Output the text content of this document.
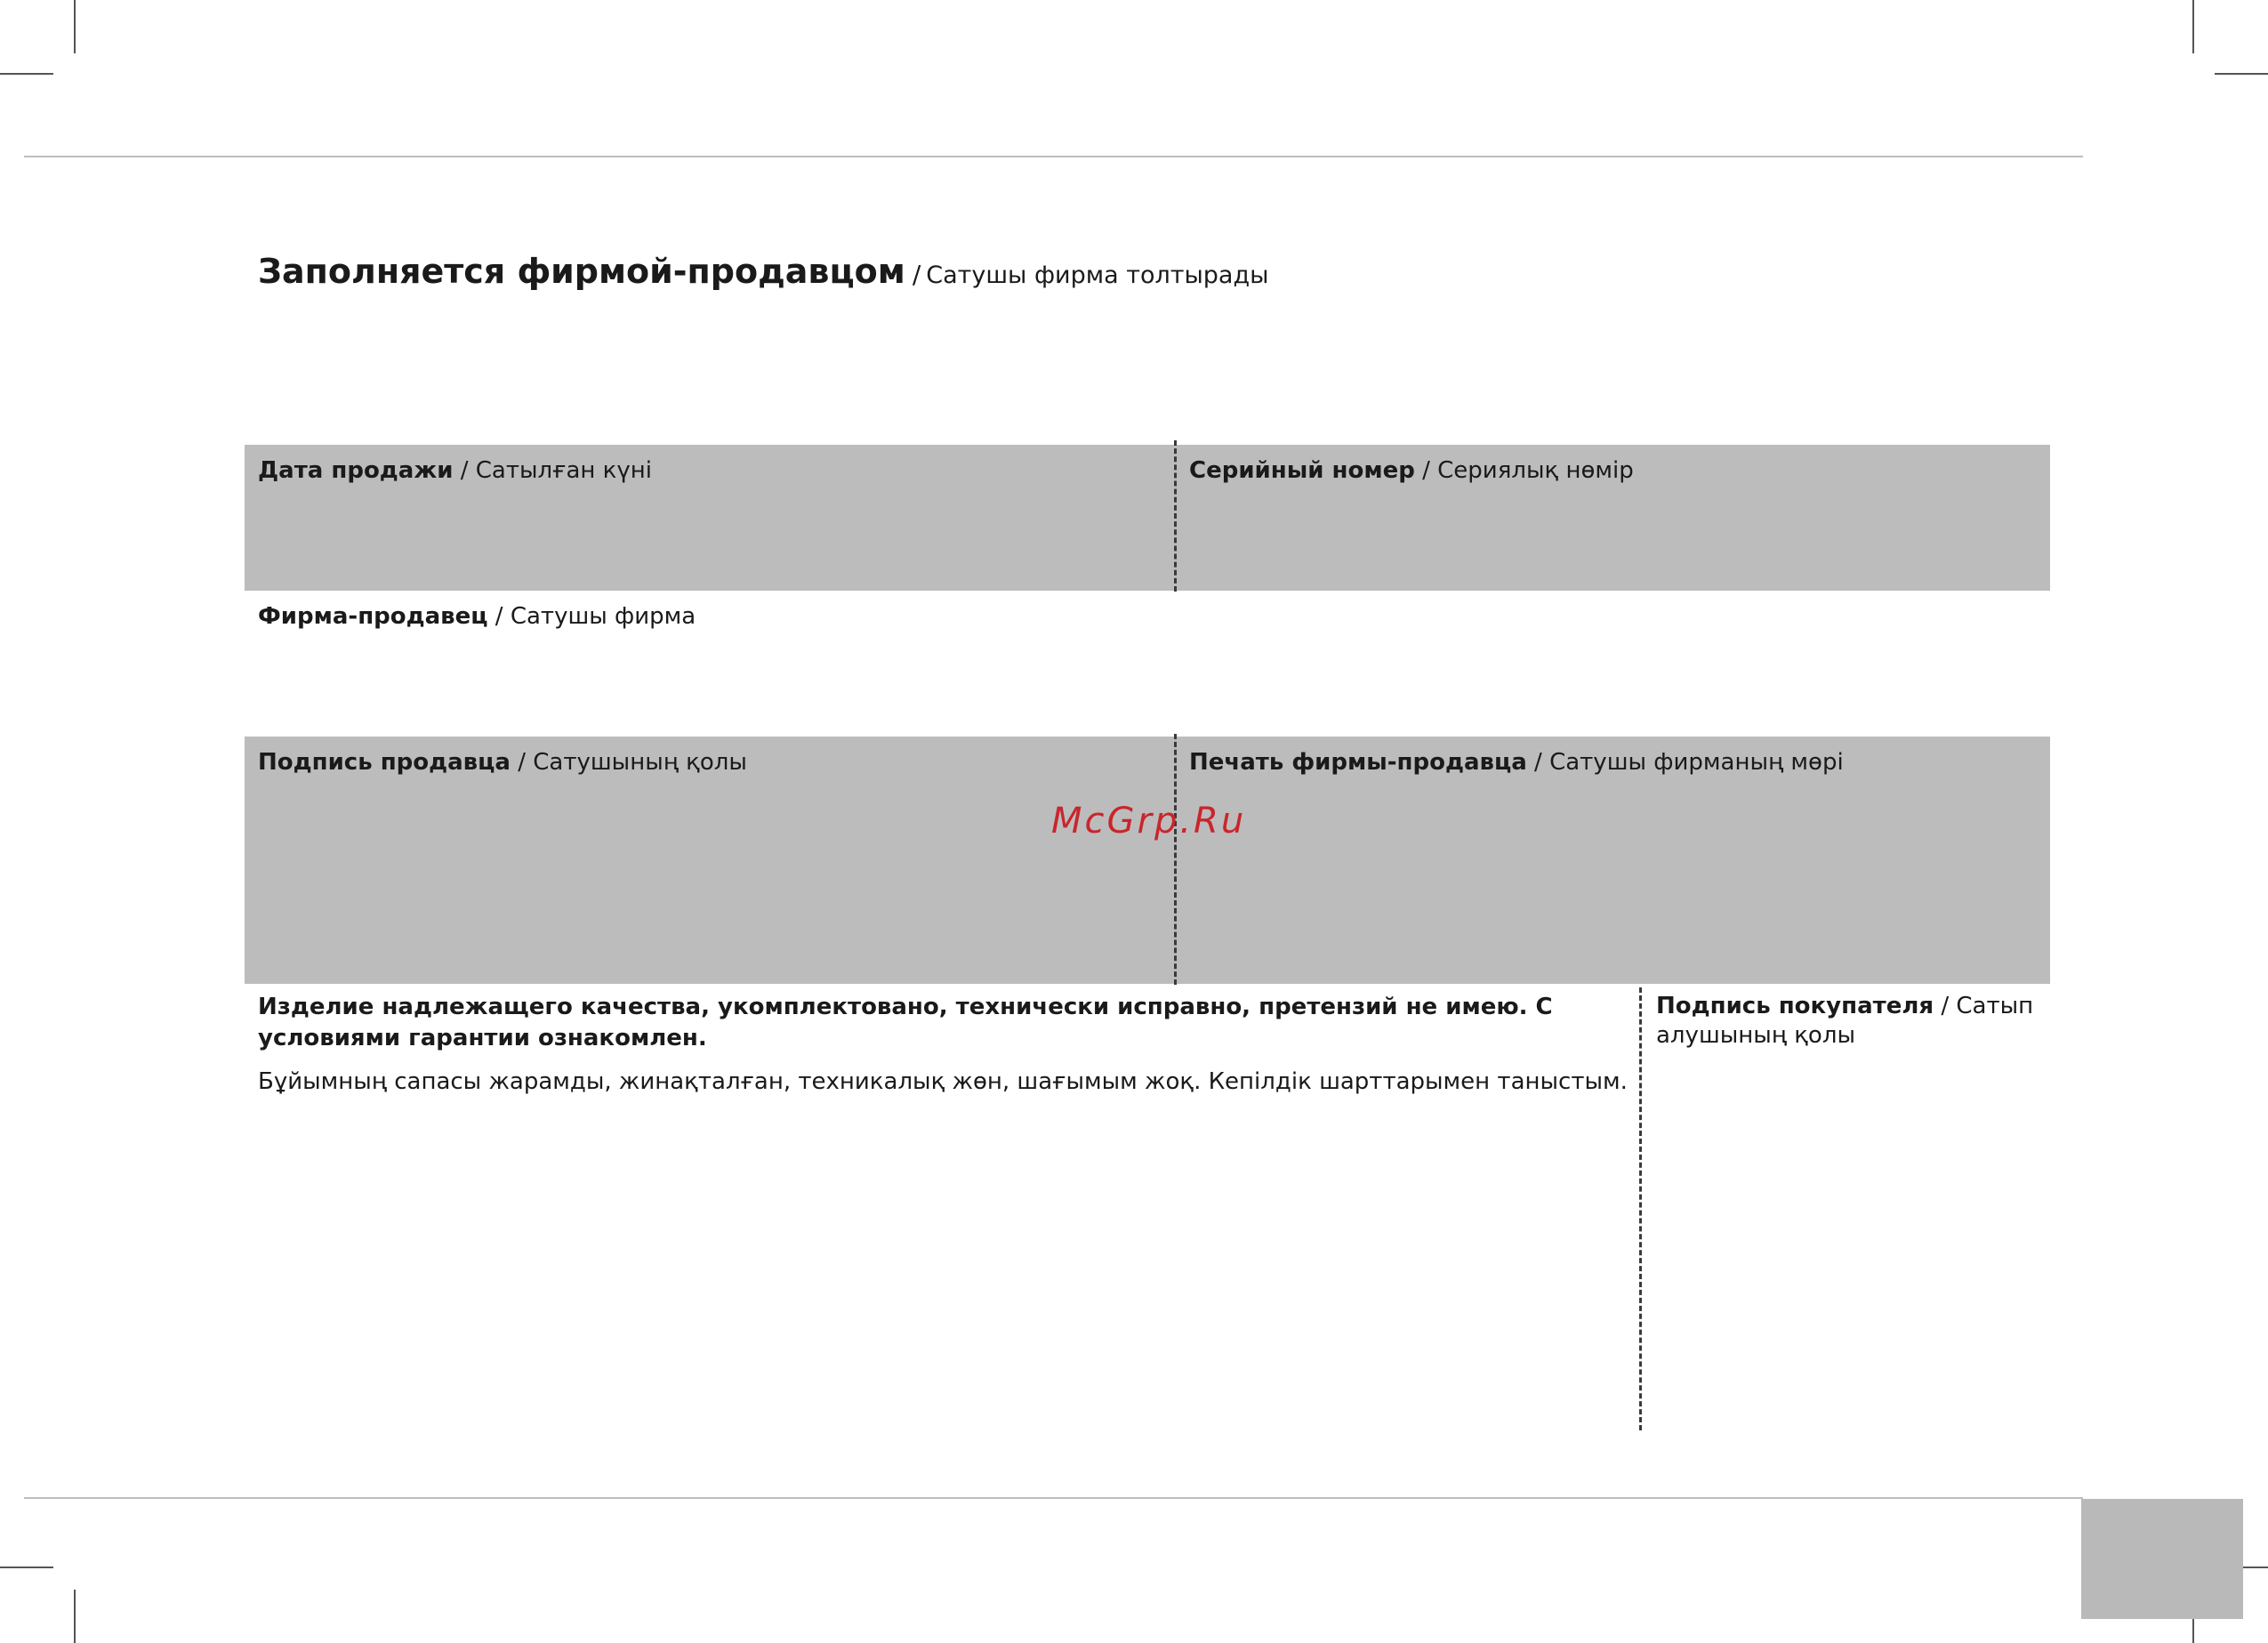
Заполняется фирмой-продавцом / Сатушы фирма толтырады
Дата продажи / Сатылған күні	Серийный номер / Сериялық нөмір
Фирма-продавец / Сатушы фирма
Подпись продавца / Сатушының қолы	Печать фирмы-продавца / Сатушы фирманың мөрі
McGrp.Ru
Изделие надлежащего качества, укомплектовано, технически исправно, претензий не имею. С условиями гарантии ознакомлен.
Бұйымның сапасы жарамды, жинақталған, техникалық жөн, шағымым жоқ. Кепілдік шарттарымен таныстым.
Подпись покупателя / Сатып алушының қолы
